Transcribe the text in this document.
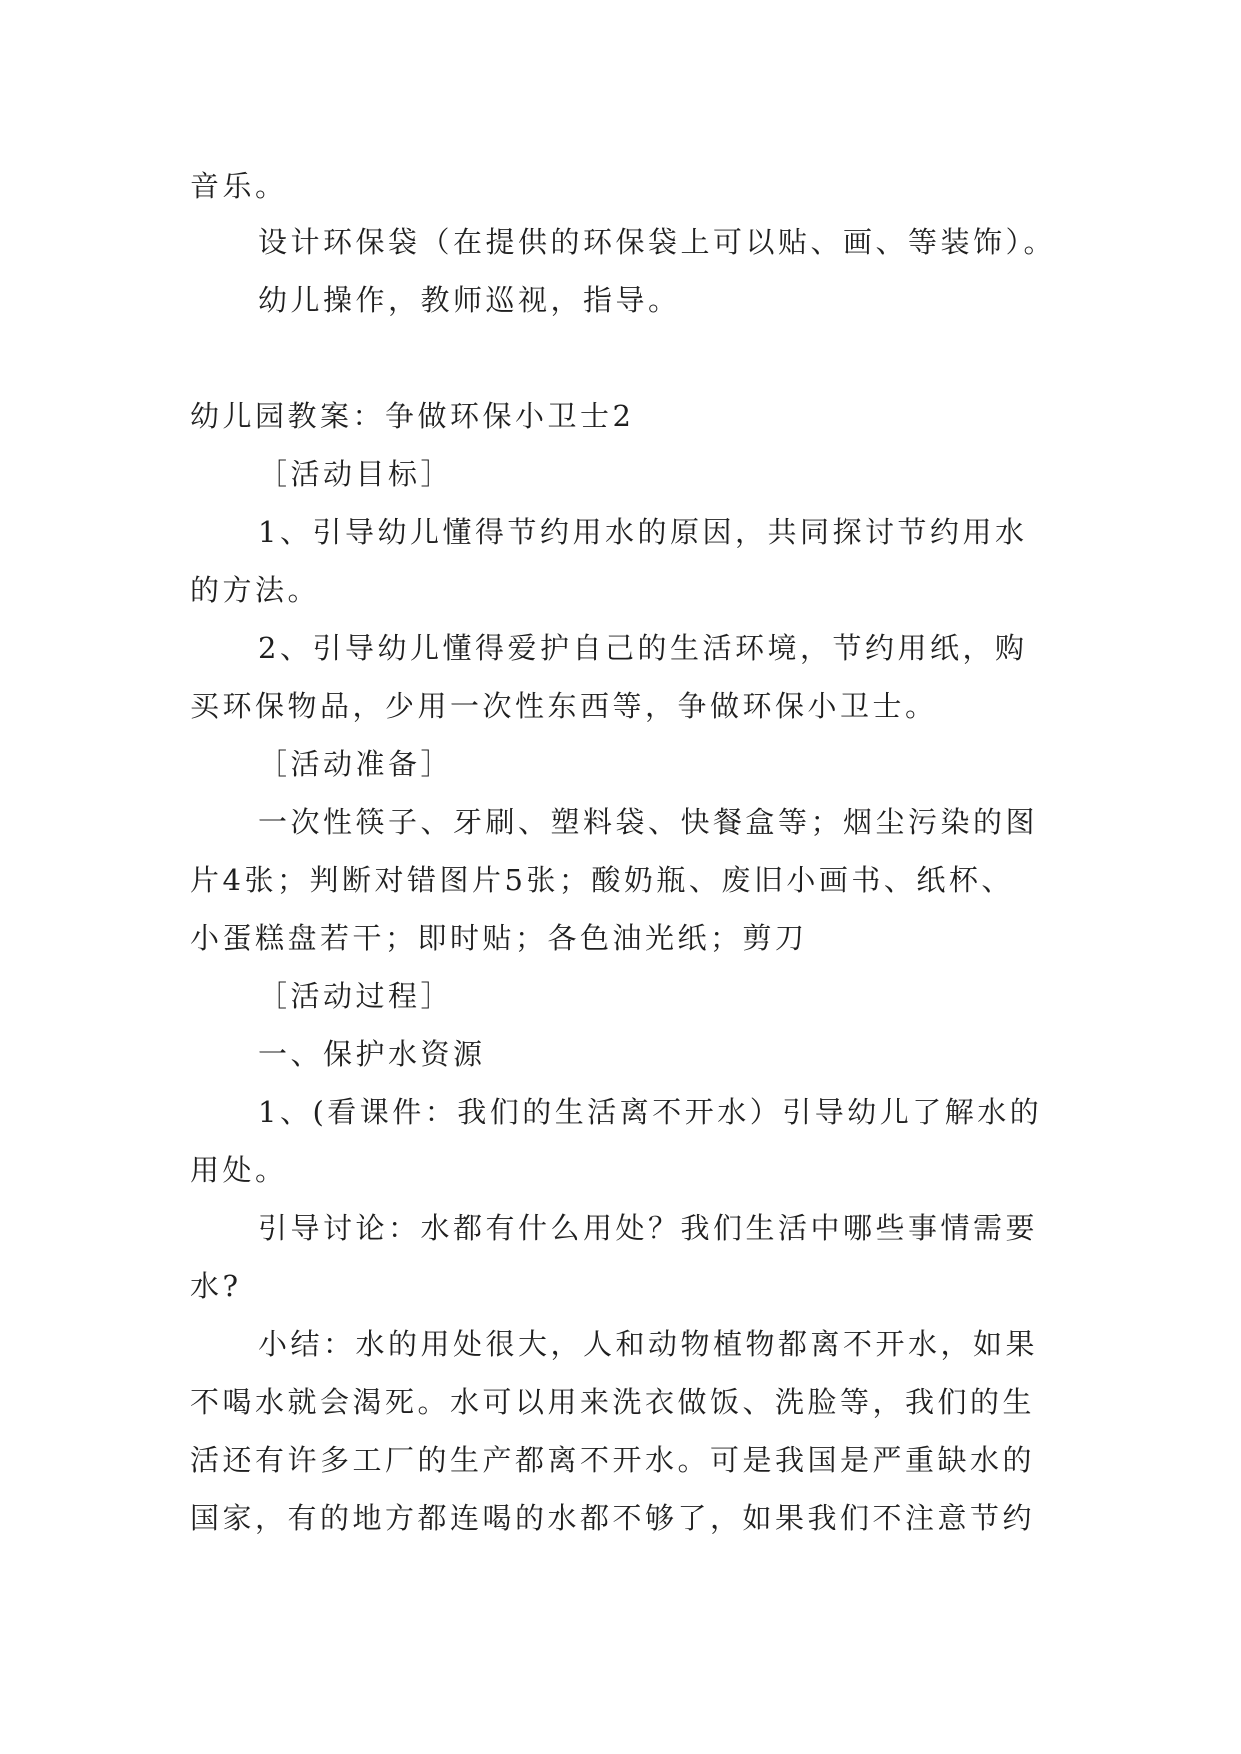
音乐。
设计环保袋（在提供的环保袋上可以贴、画、等装饰）。
幼儿操作，教师巡视，指导。
幼儿园教案：争做环保小卫士2
［活动目标］
1、引导幼儿懂得节约用水的原因，共同探讨节约用水
的方法。
2、引导幼儿懂得爱护自己的生活环境，节约用纸，购
买环保物品，少用一次性东西等，争做环保小卫士。
［活动准备］
一次性筷子、牙刷、塑料袋、快餐盒等；烟尘污染的图
片4张；判断对错图片5张；酸奶瓶、废旧小画书、纸杯、
小蛋糕盘若干；即时贴；各色油光纸；剪刀
［活动过程］
一、保护水资源
1、(看课件：我们的生活离不开水）引导幼儿了解水的
用处。
引导讨论：水都有什么用处？我们生活中哪些事情需要
水?
小结：水的用处很大，人和动物植物都离不开水，如果
不喝水就会渴死。水可以用来洗衣做饭、洗脸等，我们的生
活还有许多工厂的生产都离不开水。可是我国是严重缺水的
国家，有的地方都连喝的水都不够了，如果我们不注意节约
